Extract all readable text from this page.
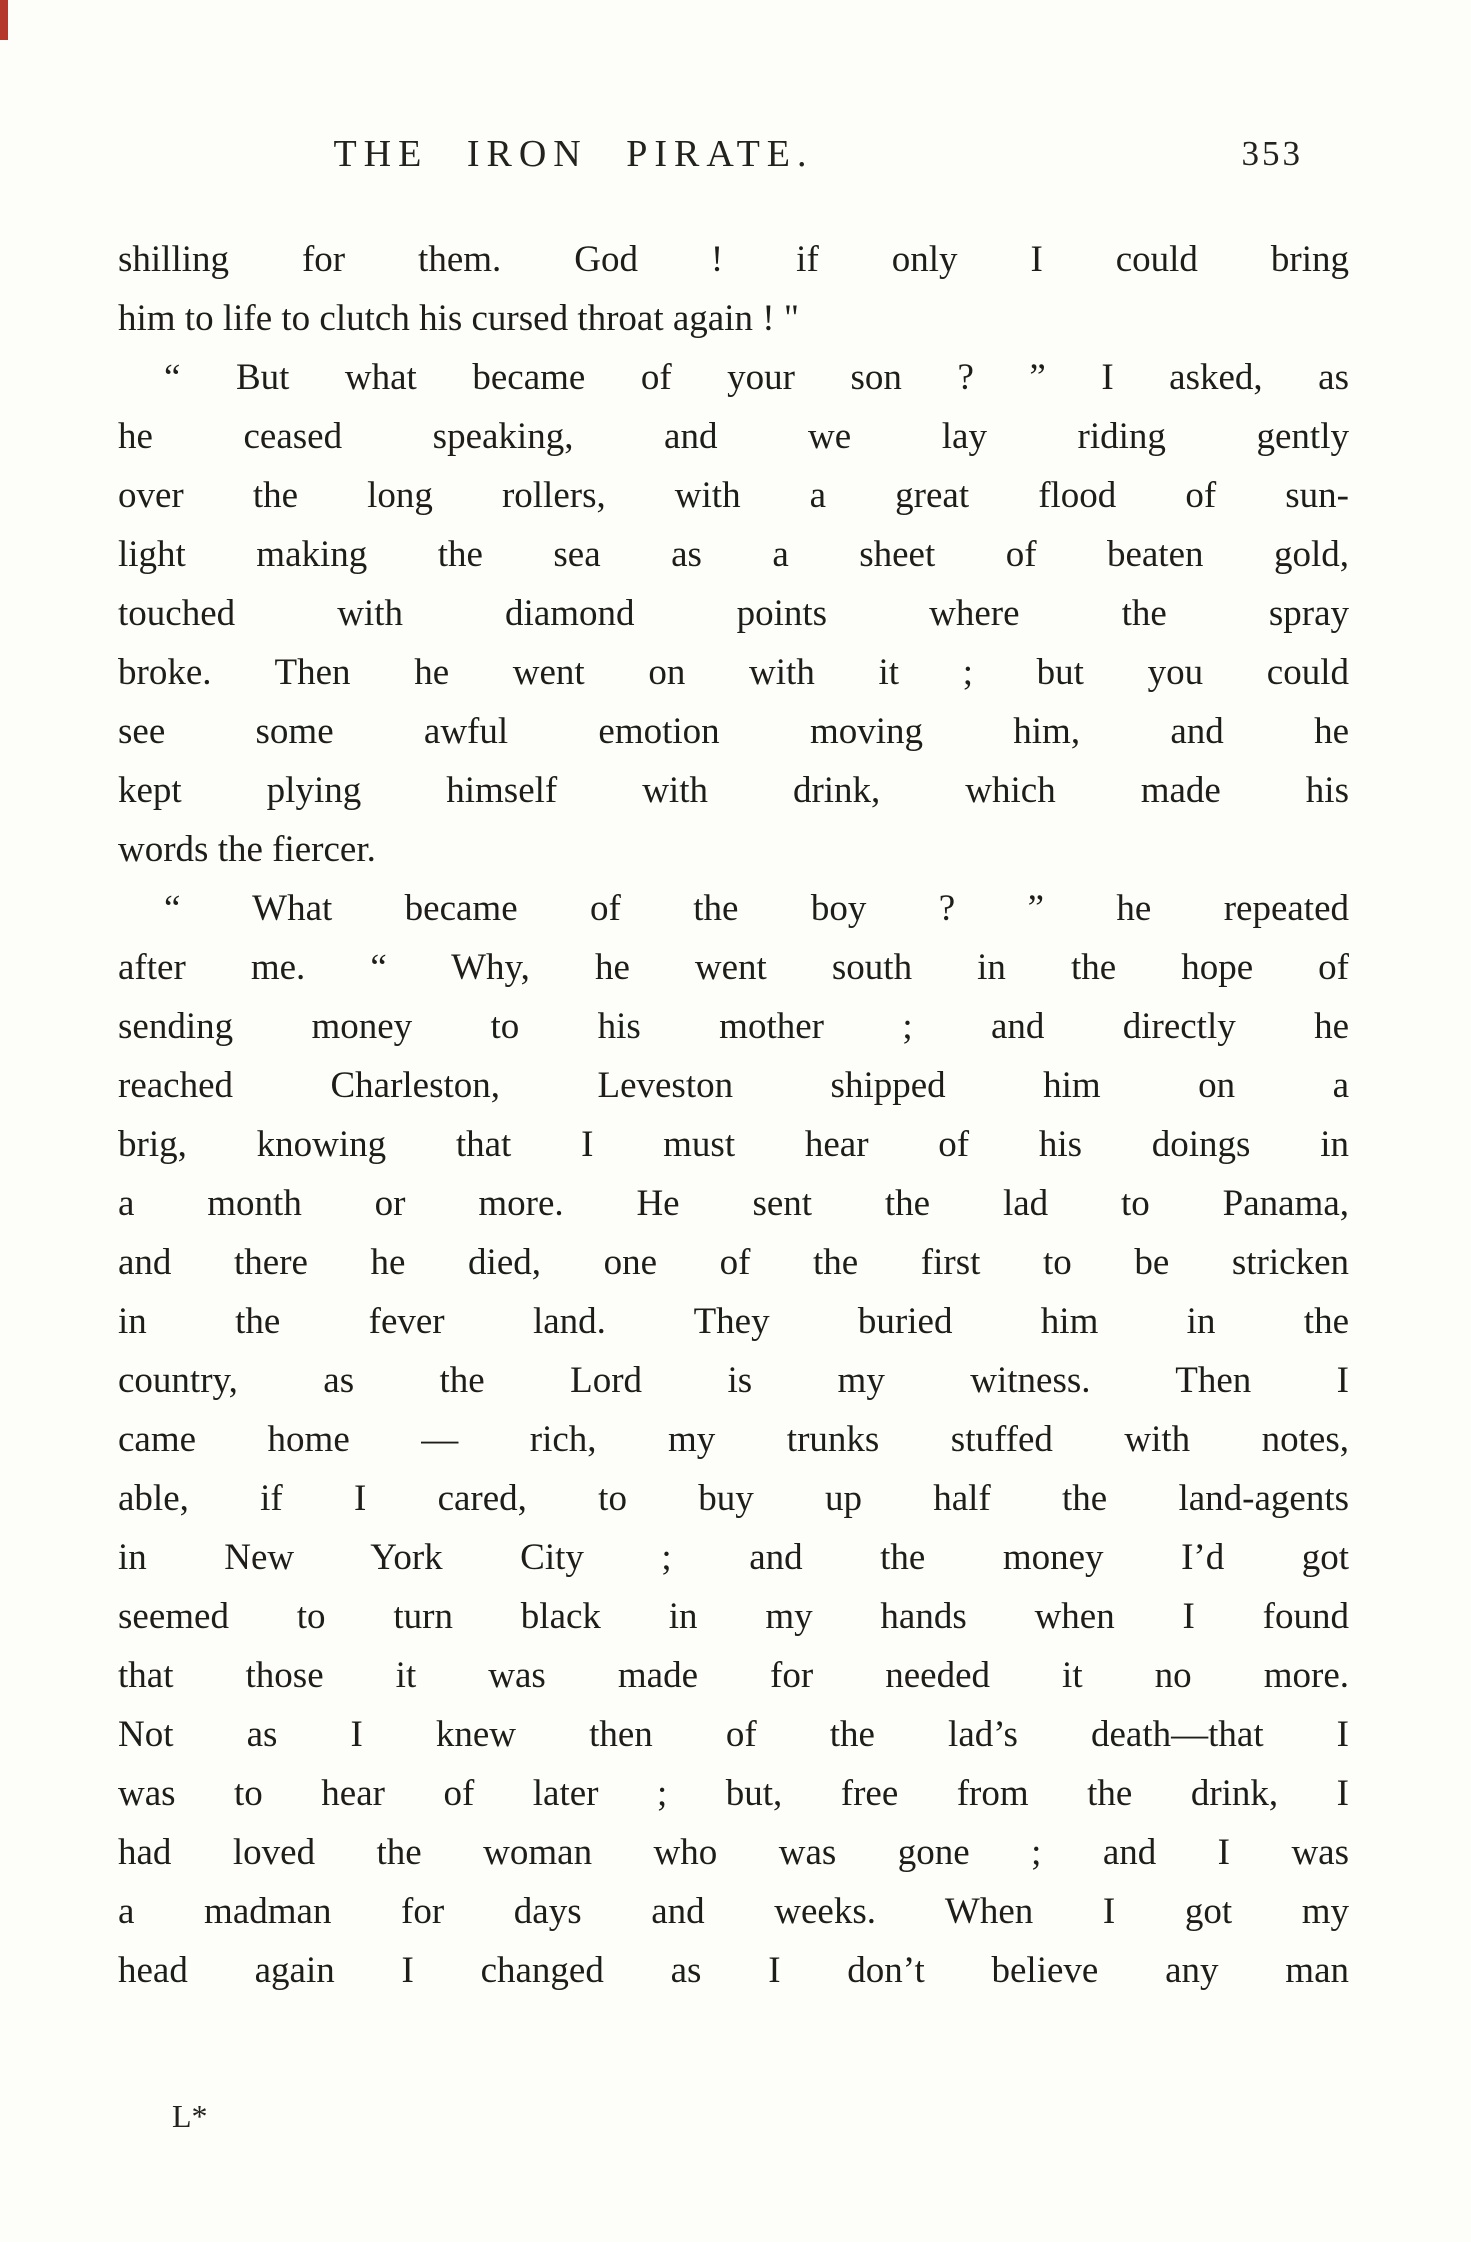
THE IRON PIRATE.	353
shilling for them. God ! if only I could bring
him to life to clutch his cursed throat again ! "
“ But what became of your son ? ” I asked, as
he ceased speaking, and we lay riding gently
over the long rollers, with a great flood of sun-
light making the sea as a sheet of beaten gold,
touched with diamond points where the spray
broke. Then he went on with it ; but you could
see some awful emotion moving him, and he
kept plying himself with drink, which made his
words the fiercer.
“ What became of the boy ? ” he repeated
after me. “ Why, he went south in the hope of
sending money to his mother ; and directly he
reached Charleston, Leveston shipped him on a
brig, knowing that I must hear of his doings in
a month or more. He sent the lad to Panama,
and there he died, one of the first to be stricken
in the fever land. They buried him in the
country, as the Lord is my witness. Then I
came home — rich, my trunks stuffed with notes,
able, if I cared, to buy up half the land-agents
in New York City ; and the money I’d got
seemed to turn black in my hands when I found
that those it was made for needed it no more.
Not as I knew then of the lad’s death—that I
was to hear of later ; but, free from the drink, I
had loved the woman who was gone ; and I was
a madman for days and weeks. When I got my
head again I changed as I don’t believe any man
L*
